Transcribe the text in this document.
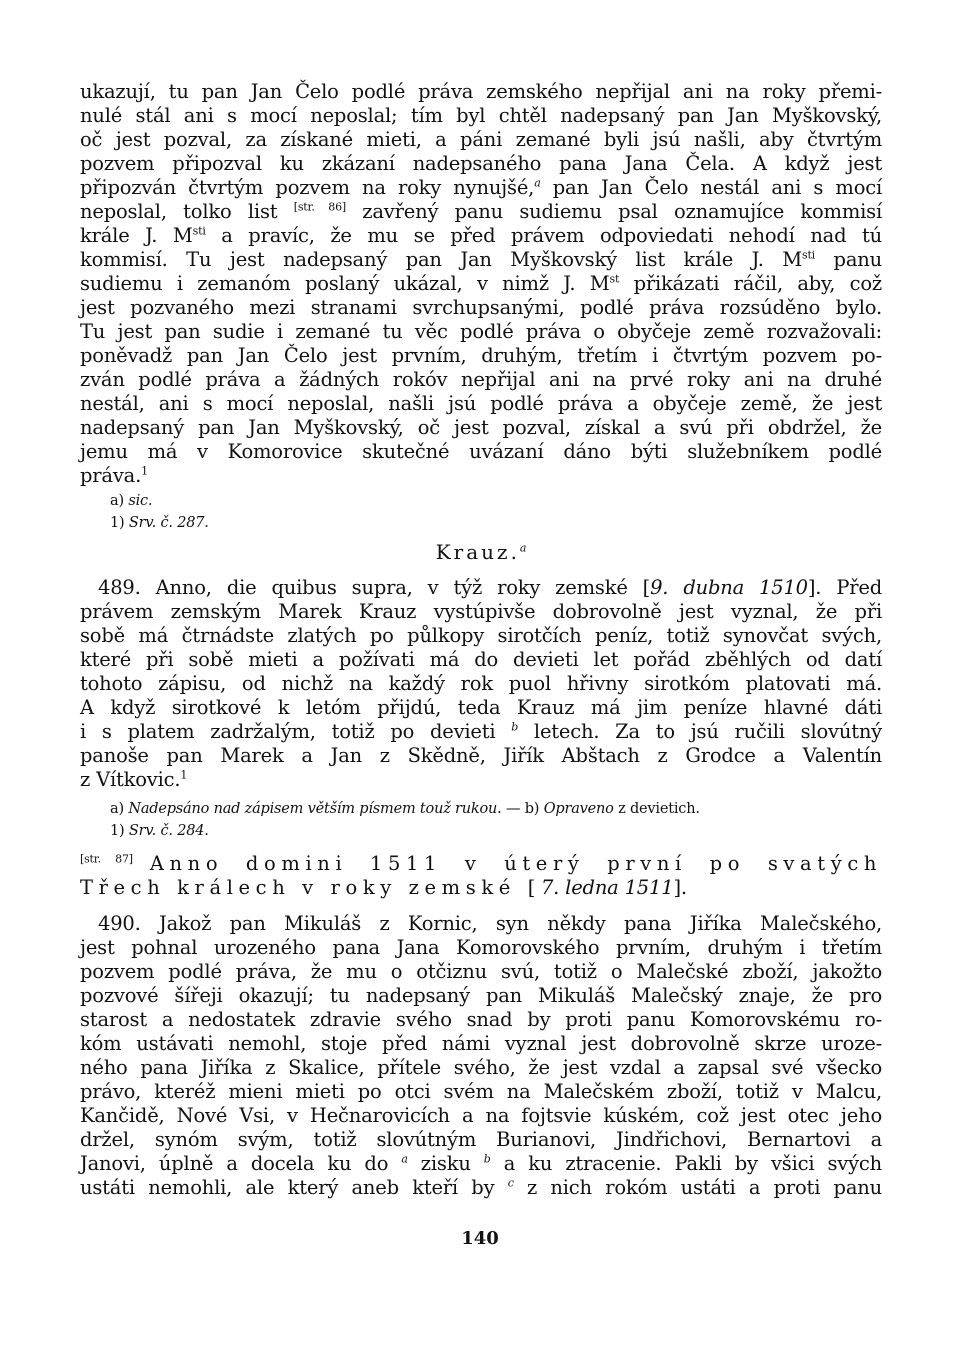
ukazují, tu pan Jan Čelo podlé práva zemského nepřijal ani na roky přemi-
nulé stál ani s mocí neposlal; tím byl chtěl nadepsaný pan Jan Myškovský,
oč jest pozval, za získané mieti, a páni zemané byli jsú našli, aby čtvrtým
pozvem připozval ku zkázaní nadepsaného pana Jana Čela. A když jest
připozván čtvrtým pozvem na roky nynujšé,$^a$ pan Jan Čelo nestál ani s mocí
neposlal, tolko list [str. 86] zavřený panu sudiemu psal oznamujíce kommisí
krále J. $M^{sti}$ a pravíc, že mu se před právem odpoviedati nehodí nad tú
kommisí. Tu jest nadepsaný pan Jan Myškovský list krále J. $M^{sti}$ panu
sudiemu i zemanóm poslaný ukázal, v nimž J. Mst přikázati ráčil, aby, což
jest pozvaného mezi stranami svrchupsanými, podlé práva rozsúděno bylo.
Tu jest pan sudie i zemané tu věc podlé práva o obyčeje země rozvažovali:
poněvadž pan Jan Čelo jest prvním, druhým, třetím i čtvrtým pozvem po-
zván podlé práva a žádných rokóv nepřijal ani na prvé roky ani na druhé
nestál, ani s mocí neposlal, našli jsú podlé práva a obyčeje země, že jest
nadepsaný pan Jan Myškovský, oč jest pozval, získal a svú při obdržel, že
jemu má v Komorovice skutečné uvázaní dáno býti služebníkem podlé
práva.$^1$
a) sic.
1) Srv. č. 287.
Krauz.$^a$
489. Anno, die quibus supra, v týž roky zemské [9. dubna 1510]. Před
právem zemským Marek Krauz vystúpivše dobrovolně jest vyznal, že při
sobě má čtrnádste zlatých po půlkopy sirotčích peníz, totiž synovčat svých,
které při sobě mieti a požívati má do devieti let pořád zběhlých od datí
tohoto zápisu, od nichž na každý rok puol hřivny sirotkóm platovati má.
A když sirotkové k letóm přijdú, teda Krauz má jim peníze hlavné dáti
i s platem zadržalým, totiž po devieti $^b$ letech. Za to jsú ručili slovútný
panoše pan Marek a Jan z Skědně, Jiřík Abštach z Grodce a Valentín
z Vítkovic.$^1$
a) Nadepsáno nad zápisem větším písmem touž rukou. — b) Opraveno z devietich.
1) Srv. č. 284.
[str. 87] Anno domini 1511 v úterý první po svatých
Třech králech v roky zemské [7. ledna 1511].
490. Jakož pan Mikuláš z Kornic, syn někdy pana Jiříka Malečského,
jest pohnal urozeného pana Jana Komorovského prvním, druhým i třetím
pozvem podlé práva, že mu o otčiznu svú, totiž o Malečské zboží, jakožto
pozvové šířeji okazují; tu nadepsaný pan Mikuláš Malečský znaje, že pro
starost a nedostatek zdravie svého snad by proti panu Komorovskému ro-
kóm ustávati nemohl, stoje před námi vyznal jest dobrovolně skrze uroze-
ného pana Jiříka z Skalice, přítele svého, že jest vzdal a zapsal své všecko
právo, kteréž mieni mieti po otci svém na Malečském zboží, totiž v Malcu,
Kančidě, Nové Vsi, v Hečnarovicích a na fojtsvie kúském, což jest otec jeho
držel, synóm svým, totiž slovútným Burianovi, Jindřichovi, Bernartovi a
Janovi, úplně a docela ku do $^a$ zisku $^b$ a ku ztracenie. Pakli by všici svých
ustáti nemohli, ale který aneb kteří by $^c$ z nich rokóm ustáti a proti panu
140
